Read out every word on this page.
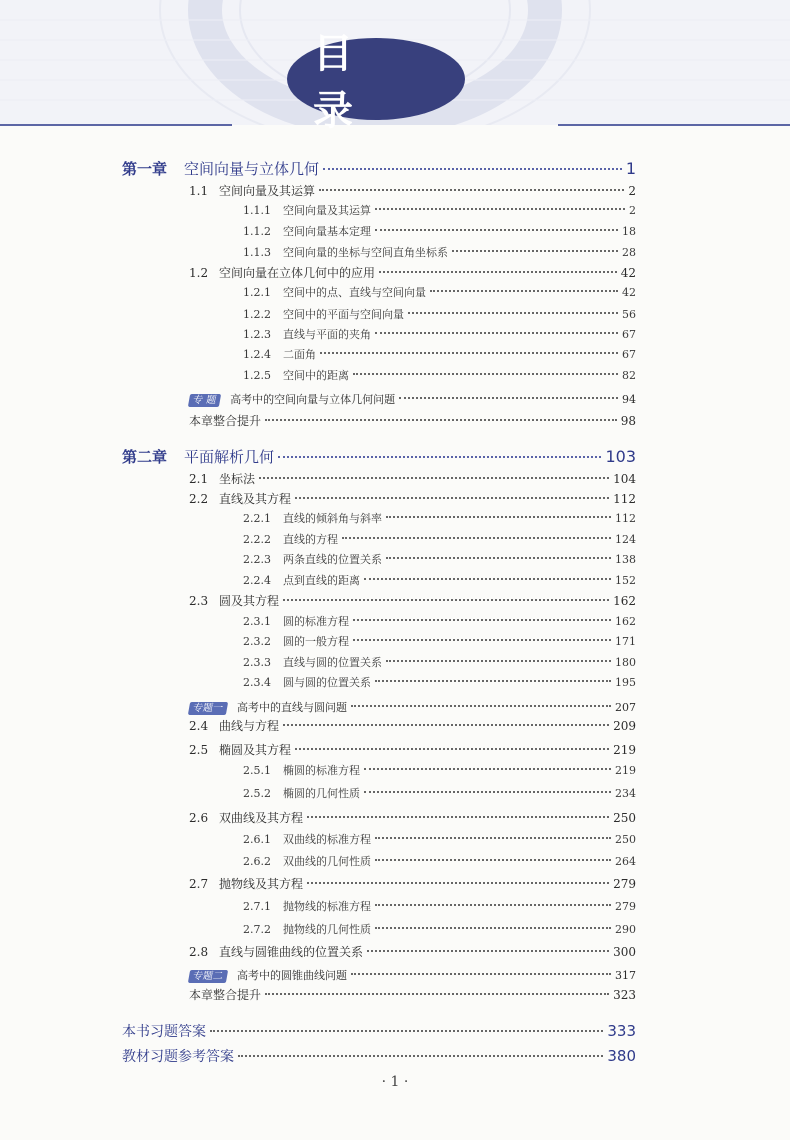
目 录
第一章	空间向量与立体几何	1
1.1 空间向量及其运算	2
1.1.1	空间向量及其运算	2
1.1.2	空间向量基本定理	18
1.1.3	空间向量的坐标与空间直角坐标系	28
1.2 空间向量在立体几何中的应用	42
1.2.1	空间中的点、直线与空间向量	42
1.2.2	空间中的平面与空间向量	56
1.2.3	直线与平面的夹角	67
1.2.4	二面角	67
1.2.5	空间中的距离	82
专 题	高考中的空间向量与立体几何问题	94
本章整合提升	98
第二章	平面解析几何	103
2.1 坐标法	104
2.2 直线及其方程	112
2.2.1	直线的倾斜角与斜率	112
2.2.2	直线的方程	124
2.2.3	两条直线的位置关系	138
2.2.4	点到直线的距离	152
2.3 圆及其方程	162
2.3.1	圆的标准方程	162
2.3.2	圆的一般方程	171
2.3.3	直线与圆的位置关系	180
2.3.4	圆与圆的位置关系	195
专题一	高考中的直线与圆问题	207
2.4 曲线与方程	209
2.5 椭圆及其方程	219
2.5.1	椭圆的标准方程	219
2.5.2	椭圆的几何性质	234
2.6 双曲线及其方程	250
2.6.1	双曲线的标准方程	250
2.6.2	双曲线的几何性质	264
2.7 抛物线及其方程	279
2.7.1	抛物线的标准方程	279
2.7.2	抛物线的几何性质	290
2.8 直线与圆锥曲线的位置关系	300
专题二	高考中的圆锥曲线问题	317
本章整合提升	323
本书习题答案	333
教材习题参考答案	380
· 1 ·
